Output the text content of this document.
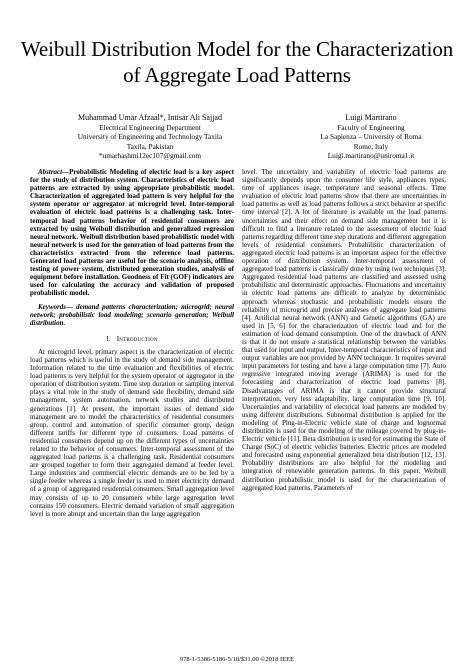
Weibull Distribution Model for the Characterization of Aggregate Load Patterns
Muhammad Umar Afzaal*, Intisar Ali Sajjad
Electrical Engineering Department
University of Engineering and Technology Taxila
Taxila, Pakistan
*umarhashmi12ec107@gmail.com
Luigi Martirano
Faculty of Engineering
La Sapienza – University of Roma
Rome, Italy
Luigi.martirano@uniroma1.it

Abstract—Probabilistic Modeling of electric load is a key aspect for the study of distribution system. Characteristics of electric load patterns are extracted by using appropriate probabilistic model. Characterization of aggregated load pattern is very helpful for the system operator or aggregator at microgrid level. Inter-temporal evaluation of electric load patterns is a challenging task. Inter-temporal load patterns behavior of residential consumers are extracted by using Weibull distribution and generalized regression neural network. Weibull distribution based probabilistic model with neural network is used for the generation of load patterns from the characteristics extracted from the reference load patterns. Generated load patterns are useful for the scenario analysis, offline testing of power system, distributed generation studies, analysis of equipment before installation. Goodness of Fit (GOF) indicators are used for calculating the accuracy and validation of proposed probabilistic model.

Keywords— demand patterns characterization; microgrid; neural network; probabilistic load modeling; scenario generation; Weibull distribution.

I. Introduction

At microgrid level, primary aspect is the characterization of electric load patterns which is useful in the study of demand side management. Information related to the time evaluation and flexibilities of electric load patterns is very helpful for the system operator or aggregator in the operation of distribution system. Time step duration or sampling interval plays a vital role in the study of demand side flexibility, demand side management, system automation, network studies and distributed generations [1]. At present, the important issues of demand side management are to model the characteristics of residential consumers group, control and automation of specific consumer group, design different tariffs for different type of consumers. Load patterns of residential consumers depend up on the different types of uncertainties related to the behavior of consumers. Inter-temporal assessment of the aggregated load patterns is a challenging task. Residential consumers are grouped together to form their aggregated demand at feeder level. Large industries and commercial electric demands are to be fed by a single feeder whereas a single feeder is used to meet electricity demand of a group of aggregated residential consumers. Small aggregation level may consists of up to 20 consumers while large aggregation level contains 150 consumers. Electric demand variation of small aggregation level is more abrupt and uncertain than the large aggregation

level. The uncertainty and variability of electric load patterns are significantly depends upon the consumer life style, appliances types, time of appliances usage, temperature and seasonal effects. Time evaluation of electric load patterns show that there are uncertainties in load patterns as well as load patterns follows a strict behavior at specific time interval [2]. A lot of literature is available on the load patterns uncertainties and their effect on demand side management but it is difficult to find a literature related to the assessment of electric load patterns regarding different time step durations and different aggregation levels of residential consumers. Probabilistic characterization of aggregated electric load patterns is an important aspect for the effective operation of distribution system. Inter-temporal assessment of aggregated load patterns is classically done by using two techniques [3]. Aggregated residential load patterns are classified and assessed using probabilistic and deterministic approaches. Fluctuations and uncertainty in electric load patterns are difficult to analyze by deterministic approach whereas stochastic and probabilistic models ensure the reliability of microgrid and precise analyses of aggregate load patterns [4]. Artificial neural network (ANN) and Genetic algorithms (GA) are used in [5, 6] for the characterization of electric load and for the estimation of load demand consumption. One of the drawback of ANN is that it do not ensure a statistical relationship between the variables that used for input and output. Inter-temporal characteristics of input and output variables are not provided by ANN technique. It requires several input parameters for testing and have a large computation time [7]. Auto regressive integrated moving average (ARIMA) is used for the forecasting and characterization of electric load patterns [8]. Disadvantages of ARIMA is that it cannot provide structural interpretation, very less adaptability, large computation time [9, 10]. Uncertainties and variability of electrical load patterns are modeled by using different distributions. Subnormal distribution is applied for the modeling of Plug-in-Electric vehicle state of charge and lognormal distribution is used for the modeling of the mileage covered by plug-in-Electric vehicle [11]. Beta distribution is used for estimating the State of Charge (SoC) of electric vehicles batteries. Electric prices are modeled and forecasted using exponential generalized beta distribution [12, 13]. Probability distributions are also helpful for the modeling and integration of renewable generation patterns. In this paper, Weibull distribution probabilistic model is used for the characterization of aggregated load patterns. Parameters of

978-1-5386-5186-5/18/$31.00 ©2018 IEEE
